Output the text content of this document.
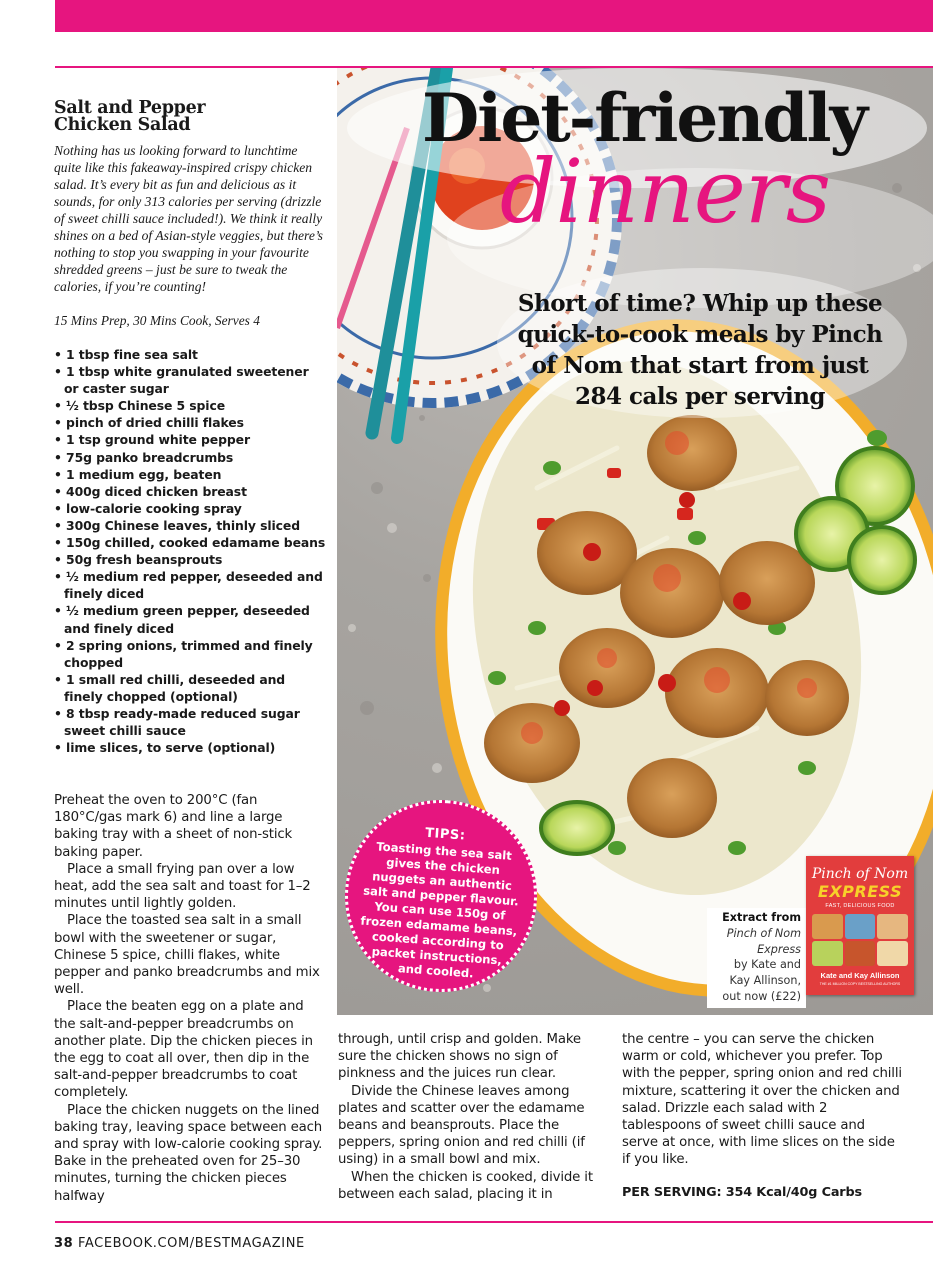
Salt and Pepper
Chicken Salad

Nothing has us looking forward to lunchtime quite like this fakeaway-inspired crispy chicken salad. It’s every bit as fun and delicious as it sounds, for only 313 calories per serving (drizzle of sweet chilli sauce included!). We think it really shines on a bed of Asian-style veggies, but there’s nothing to stop you swapping in your favourite shredded greens – just be sure to tweak the calories, if you’re counting!

15 Mins Prep, 30 Mins Cook, Serves 4

• 1 tbsp fine sea salt
• 1 tbsp white granulated sweetener or caster sugar
• ½ tbsp Chinese 5 spice
• pinch of dried chilli flakes
• 1 tsp ground white pepper
• 75g panko breadcrumbs
• 1 medium egg, beaten
• 400g diced chicken breast
• low-calorie cooking spray
• 300g Chinese leaves, thinly sliced
• 150g chilled, cooked edamame beans
• 50g fresh beansprouts
• ½ medium red pepper, deseeded and finely diced
• ½ medium green pepper, deseeded and finely diced
• 2 spring onions, trimmed and finely chopped
• 1 small red chilli, deseeded and finely chopped (optional)
• 8 tbsp ready-made reduced sugar sweet chilli sauce
• lime slices, to serve (optional)

Preheat the oven to 200°C (fan 180°C/gas mark 6) and line a large baking tray with a sheet of non-stick baking paper.

Place a small frying pan over a low heat, add the sea salt and toast for 1–2 minutes until lightly golden.

Place the toasted sea salt in a small bowl with the sweetener or sugar, Chinese 5 spice, chilli flakes, white pepper and panko breadcrumbs and mix well.

Place the beaten egg on a plate and the salt-and-pepper breadcrumbs on another plate. Dip the chicken pieces in the egg to coat all over, then dip in the salt-and-pepper breadcrumbs to coat completely.

Place the chicken nuggets on the lined baking tray, leaving space between each and spray with low-calorie cooking spray. Bake in the preheated oven for 25–30 minutes, turning the chicken pieces halfway

through, until crisp and golden. Make sure the chicken shows no sign of pinkness and the juices run clear.

Divide the Chinese leaves among plates and scatter over the edamame beans and beansprouts. Place the peppers, spring onion and red chilli (if using) in a small bowl and mix.

When the chicken is cooked, divide it between each salad, placing it in

the centre – you can serve the chicken warm or cold, whichever you prefer. Top with the pepper, spring onion and red chilli mixture, scattering it over the chicken and salad. Drizzle each salad with 2 tablespoons of sweet chilli sauce and serve at once, with lime slices on the side if you like.

PER SERVING: 354 Kcal/40g Carbs

Diet-friendly
dinners
Short of time? Whip up these quick-to-cook meals by Pinch of Nom that start from just 284 cals per serving
TIPS:
Toasting the sea salt gives the chicken nuggets an authentic salt and pepper flavour. You can use 150g of frozen edamame beans, cooked according to packet instructions, and cooled.
Extract from
Pinch of Nom
Express
by Kate and
Kay Allinson,
out now (£22)
Pinch of Nom
EXPRESS
FAST, DELICIOUS FOOD
Kate and Kay Allinson
THE #1 MILLION COPY BESTSELLING AUTHORS
38 FACEBOOK.COM/BESTMAGAZINE
